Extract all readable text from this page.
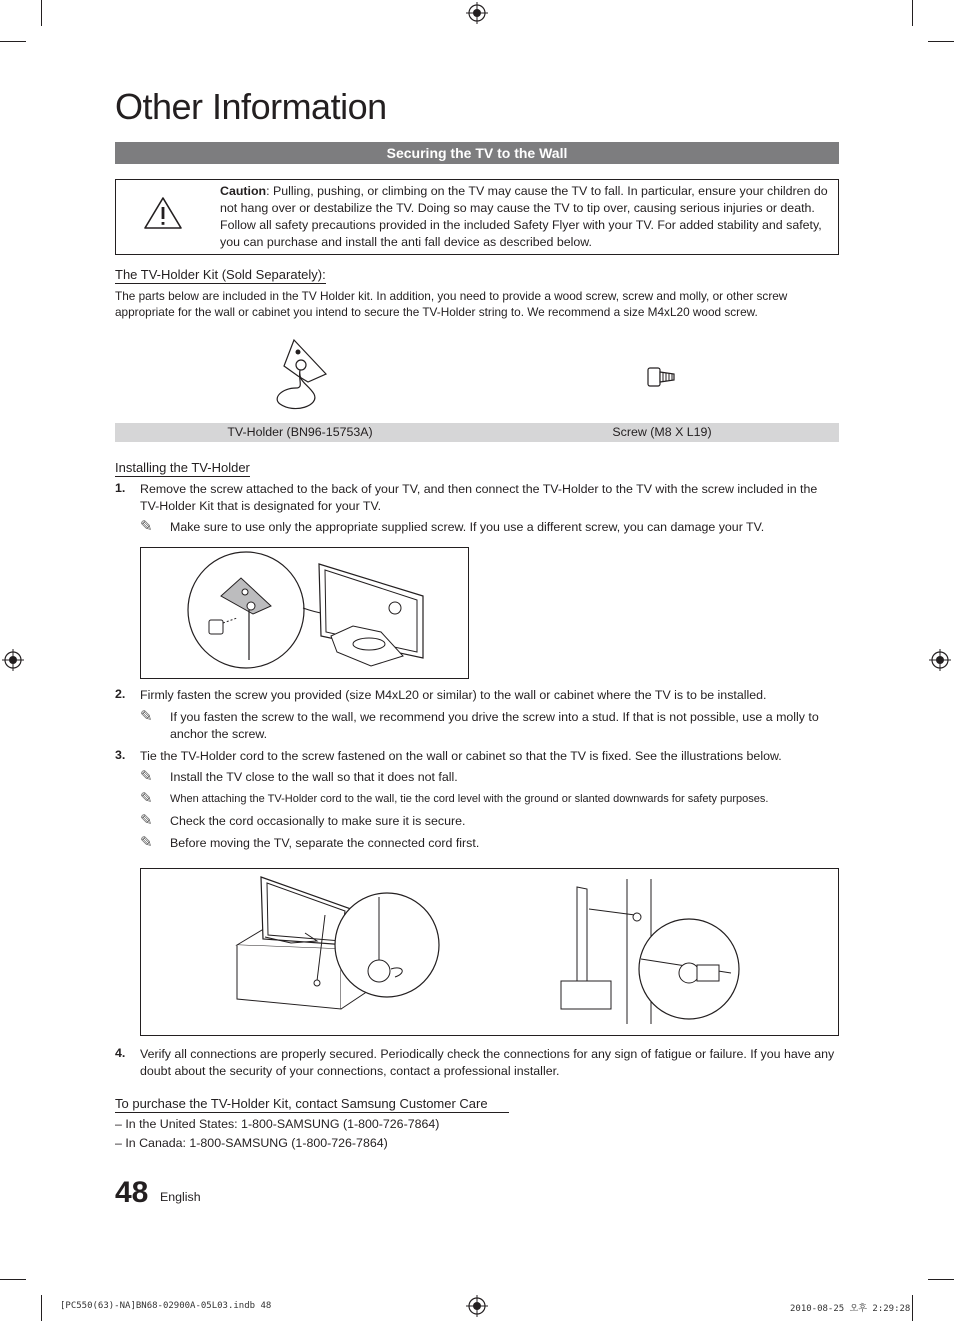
Other Information
Securing the TV to the Wall
Caution: Pulling, pushing, or climbing on the TV may cause the TV to fall. In particular, ensure your children do not hang over or destabilize the TV. Doing so may cause the TV to tip over, causing serious injuries or death. Follow all safety precautions provided in the included Safety Flyer with your TV. For added stability and safety, you can purchase and install the anti fall device as described below.
The TV-Holder Kit (Sold Separately):
The parts below are included in the TV Holder kit. In addition, you need to provide a wood screw, screw and molly, or other screw appropriate for the wall or cabinet you intend to secure the TV-Holder string to. We recommend a size M4xL20 wood screw.
TV-Holder (BN96-15753A)	Screw (M8 X L19)
Installing the TV-Holder
1. Remove the screw attached to the back of your TV, and then connect the TV-Holder to the TV with the screw included in the TV-Holder Kit that is designated for your TV.
✎ Make sure to use only the appropriate supplied screw. If you use a different screw, you can damage your TV.
2. Firmly fasten the screw you provided (size M4xL20 or similar) to the wall or cabinet where the TV is to be installed.
✎ If you fasten the screw to the wall, we recommend you drive the screw into a stud. If that is not possible, use a molly to anchor the screw.
3. Tie the TV-Holder cord to the screw fastened on the wall or cabinet so that the TV is fixed. See the illustrations below.
✎ Install the TV close to the wall so that it does not fall.
✎ When attaching the TV-Holder cord to the wall, tie the cord level with the ground or slanted downwards for safety purposes.
✎ Check the cord occasionally to make sure it is secure.
✎ Before moving the TV, separate the connected cord first.
4. Verify all connections are properly secured. Periodically check the connections for any sign of fatigue or failure. If you have any doubt about the security of your connections, contact a professional installer.
To purchase the TV-Holder Kit, contact Samsung Customer Care
– In the United States: 1-800-SAMSUNG (1-800-726-7864)
– In Canada: 1-800-SAMSUNG (1-800-726-7864)
48 English
[PC550(63)-NA]BN68-02900A-05L03.indb 48	2010-08-25 오후 2:29:28
